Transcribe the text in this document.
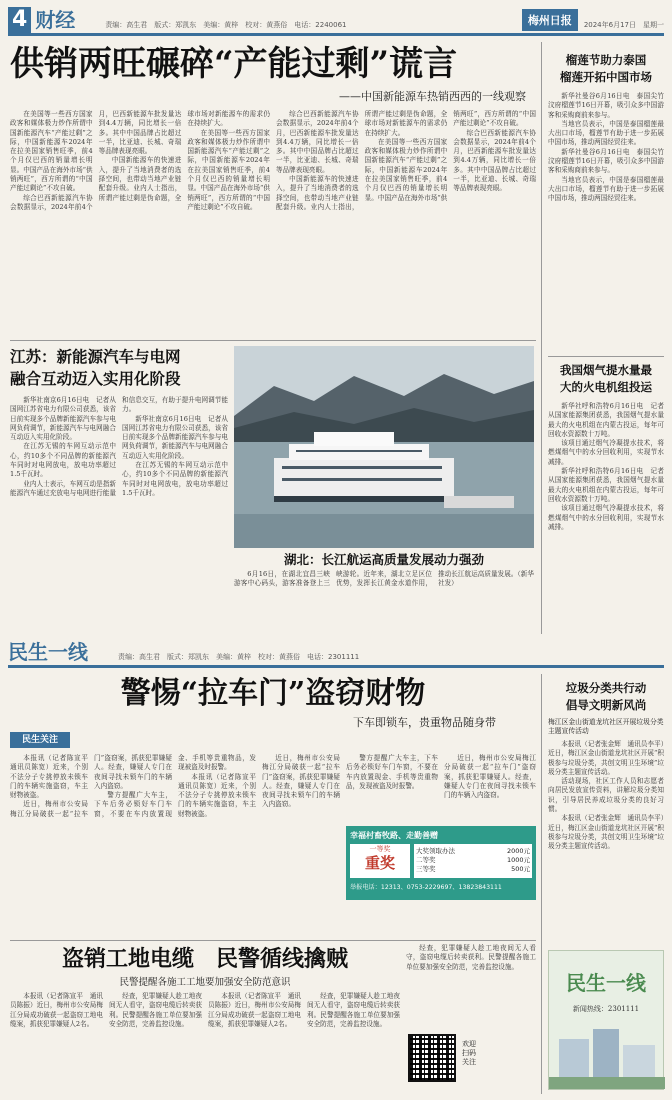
4 财经	责编：高生君　版式：郑凯东　美编：黄梓　校对：黄燕俗　电话：2240061	梅州日报	2024年6月17日　星期一
供销两旺碾碎“产能过剩”谎言
——中国新能源车热销西西的一线观察

在美国等一些西方国家政客和媒体极力炒作所谓中国新能源汽车“产能过剩”之际，中国新能源车2024年在拉美国家销售旺季，前4个月仅巴西的销量增长明显。中国产品在海外市场“供销两旺”，西方所谓的“中国产能过剩论”不攻自破。

综合巴西新能源汽车协会数据显示，2024年前4个月，巴西新能源车批发量达到4.4万辆，同比增长一倍多。其中中国品牌占比超过一半，比亚迪、长城、奇瑞等品牌表现亮眼。

中国新能源车的快速进入，提升了当地消费者的选择空间，也带动当地产业链配套升级。业内人士指出，所谓产能过剩是伪命题，全球市场对新能源车的需求仍在持续扩大。

在美国等一些西方国家政客和媒体极力炒作所谓中国新能源汽车“产能过剩”之际，中国新能源车2024年在拉美国家销售旺季，前4个月仅巴西的销量增长明显。中国产品在海外市场“供销两旺”，西方所谓的“中国产能过剩论”不攻自破。

综合巴西新能源汽车协会数据显示，2024年前4个月，巴西新能源车批发量达到4.4万辆，同比增长一倍多。其中中国品牌占比超过一半，比亚迪、长城、奇瑞等品牌表现亮眼。

中国新能源车的快速进入，提升了当地消费者的选择空间，也带动当地产业链配套升级。业内人士指出，所谓产能过剩是伪命题，全球市场对新能源车的需求仍在持续扩大。

在美国等一些西方国家政客和媒体极力炒作所谓中国新能源汽车“产能过剩”之际，中国新能源车2024年在拉美国家销售旺季，前4个月仅巴西的销量增长明显。中国产品在海外市场“供销两旺”，西方所谓的“中国产能过剩论”不攻自破。

综合巴西新能源汽车协会数据显示，2024年前4个月，巴西新能源车批发量达到4.4万辆，同比增长一倍多。其中中国品牌占比超过一半，比亚迪、长城、奇瑞等品牌表现亮眼。

江苏：新能源汽车与电网
融合互动迈入实用化阶段

新华社南京6月16日电　记者从国网江苏省电力有限公司获悉，该省日前实现多个品牌新能源汽车参与电网负荷调节，新能源汽车与电网融合互动迈入实用化阶段。

在江苏无锡的车网互动示范中心，约10多个不同品牌的新能源汽车同时对电网放电，放电功率超过1.5千瓦时。

业内人士表示，车网互动是指新能源汽车通过充放电与电网进行能量和信息交互，有助于提升电网调节能力。

新华社南京6月16日电　记者从国网江苏省电力有限公司获悉，该省日前实现多个品牌新能源汽车参与电网负荷调节，新能源汽车与电网融合互动迈入实用化阶段。

在江苏无锡的车网互动示范中心，约10多个不同品牌的新能源汽车同时对电网放电，放电功率超过1.5千瓦时。

湖北：长江航运高质量发展动力强劲

6月16日，在湖北宜昌三峡游客中心码头，游客准备登上三峡游轮。近年来，湖北立足区位优势，发挥长江黄金水道作用，推动长江航运高质量发展。（新华社发）

榴莲节助力泰国
榴莲开拓中国市场

新华社曼谷6月16日电　泰国尖竹汶府榴莲节16日开幕，吸引众多中国游客和采购商前来参与。

当地官员表示，中国是泰国榴莲最大出口市场，榴莲节有助于进一步拓展中国市场，推动两国经贸往来。

新华社曼谷6月16日电　泰国尖竹汶府榴莲节16日开幕，吸引众多中国游客和采购商前来参与。

当地官员表示，中国是泰国榴莲最大出口市场，榴莲节有助于进一步拓展中国市场，推动两国经贸往来。

我国烟气提水量最
大的火电机组投运

新华社呼和浩特6月16日电　记者从国家能源集团获悉，我国烟气提水量最大的火电机组在内蒙古投运，每年可回收水资源数十万吨。

该项目通过烟气冷凝提水技术，将燃煤烟气中的水分回收利用，实现节水减排。

新华社呼和浩特6月16日电　记者从国家能源集团获悉，我国烟气提水量最大的火电机组在内蒙古投运，每年可回收水资源数十万吨。

该项目通过烟气冷凝提水技术，将燃煤烟气中的水分回收利用，实现节水减排。

民生一线	责编：高生君　版式：郑凯东　美编：黄梓　校对：黄燕俗　电话：2301111
警惕“拉车门”盗窃财物
下车即锁车，贵重物品随身带
民生关注

本报讯（记者陈宣平　通讯员陈宽）近来，个别不法分子专挑停放未锁车门的车辆实施盗窃，车主财物被盗。

近日，梅州市公安局梅江分局破获一起“拉车门”盗窃案，抓获犯罪嫌疑人。经查，嫌疑人专门在夜间寻找未锁车门的车辆入内盗窃。

警方提醒广大车主，下车后务必锁好车门车窗，不要在车内放置现金、手机等贵重物品，发现被盗及时报警。

本报讯（记者陈宣平　通讯员陈宽）近来，个别不法分子专挑停放未锁车门的车辆实施盗窃，车主财物被盗。

近日，梅州市公安局梅江分局破获一起“拉车门”盗窃案，抓获犯罪嫌疑人。经查，嫌疑人专门在夜间寻找未锁车门的车辆入内盗窃。

警方提醒广大车主，下车后务必锁好车门车窗，不要在车内放置现金、手机等贵重物品，发现被盗及时报警。

近日，梅州市公安局梅江分局破获一起“拉车门”盗窃案，抓获犯罪嫌疑人。经查，嫌疑人专门在夜间寻找未锁车门的车辆入内盗窃。

幸福村畜牧路、走勤善赠
一等奖
重奖
大奖领取办法	2000元
二等奖	1000元
三等奖	500元
举报电话：12313、0753-2229697、13823843111
盗销工地电缆　民警循线擒贼
民警提醒各施工工地要加强安全防范意识

本报讯（记者陈宣平　通讯员陈振）近日，梅州市公安局梅江分局成功破获一起盗窃工地电缆案，抓获犯罪嫌疑人2名。

经查，犯罪嫌疑人趁工地夜间无人看守，盗窃电缆后转卖获利。民警提醒各施工单位要加强安全防范，完善监控设施。

本报讯（记者陈宣平　通讯员陈振）近日，梅州市公安局梅江分局成功破获一起盗窃工地电缆案，抓获犯罪嫌疑人2名。

经查，犯罪嫌疑人趁工地夜间无人看守，盗窃电缆后转卖获利。民警提醒各施工单位要加强安全防范，完善监控设施。

经查，犯罪嫌疑人趁工地夜间无人看守，盗窃电缆后转卖获利。民警提醒各施工单位要加强安全防范，完善监控设施。

欢迎扫码关注
垃圾分类共行动
倡导文明新风尚
梅江区金山街道龙坑社区开展垃圾分类主题宣传活动

本报讯（记者张金辉　通讯员李平）近日，梅江区金山街道龙坑社区开展“积极参与垃圾分类，共创文明卫生环境”垃圾分类主题宣传活动。

活动现场，社区工作人员和志愿者向居民发放宣传资料，讲解垃圾分类知识，引导居民养成垃圾分类的良好习惯。

本报讯（记者张金辉　通讯员李平）近日，梅江区金山街道龙坑社区开展“积极参与垃圾分类，共创文明卫生环境”垃圾分类主题宣传活动。

民生一线
新闻热线：2301111
